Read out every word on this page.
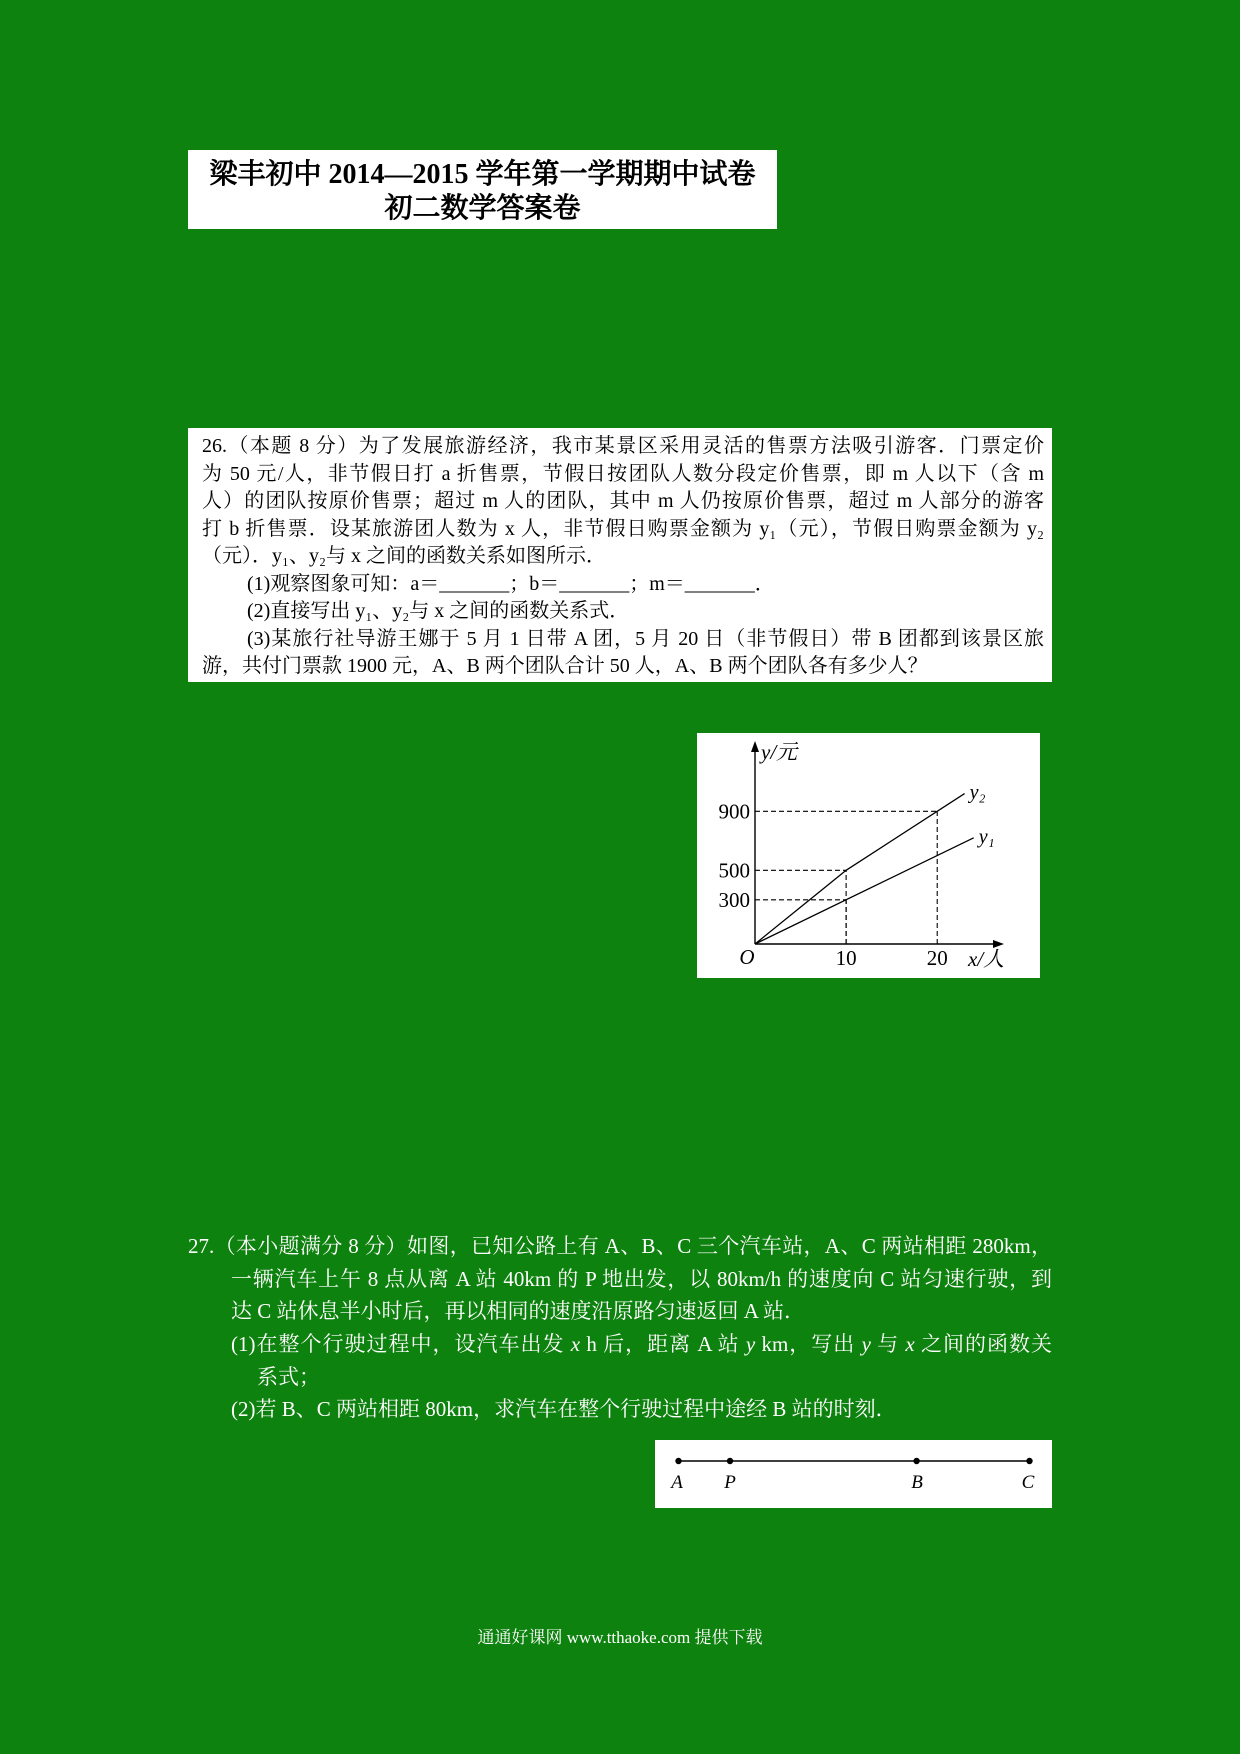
梁丰初中 2014—2015 学年第一学期期中试卷
初二数学答案卷
26.（本题 8 分）为了发展旅游经济，我市某景区采用灵活的售票方法吸引游客．门票定价
为 50 元/人，非节假日打 a 折售票，节假日按团队人数分段定价售票，即 m 人以下（含 m
人）的团队按原价售票；超过 m 人的团队，其中 m 人仍按原价售票，超过 m 人部分的游客
打 b 折售票．设某旅游团人数为 x 人，非节假日购票金额为 y₁（元），节假日购票金额为 y₂
（元）．y₁、y₂与 x 之间的函数关系如图所示．
(1)观察图象可知：a＝_______；b＝_______；m＝_______．
(2)直接写出 y₁、y₂与 x 之间的函数关系式．
(3)某旅行社导游王娜于 5 月 1 日带 A 团，5 月 20 日（非节假日）带 B 团都到该景区旅
游，共付门票款 1900 元，A、B 两个团队合计 50 人，A、B 两个团队各有多少人？
y₂
y₁
900
500
300
10	20
y/元
x/人
O
27.（本小题满分 8 分）如图，已知公路上有 A、B、C 三个汽车站，A、C 两站相距 280km，
一辆汽车上午 8 点从离 A 站 40km 的 P 地出发，以 80km/h 的速度向 C 站匀速行驶，到
达 C 站休息半小时后，再以相同的速度沿原路匀速返回 A 站．
(1)在整个行驶过程中，设汽车出发 x h 后，距离 A 站 y km，写出 y 与 x 之间的函数关
系式；
(2)若 B、C 两站相距 80km，求汽车在整个行驶过程中途经 B 站的时刻．
A P	B	C
通通好课网 www.tthaoke.com 提供下载
